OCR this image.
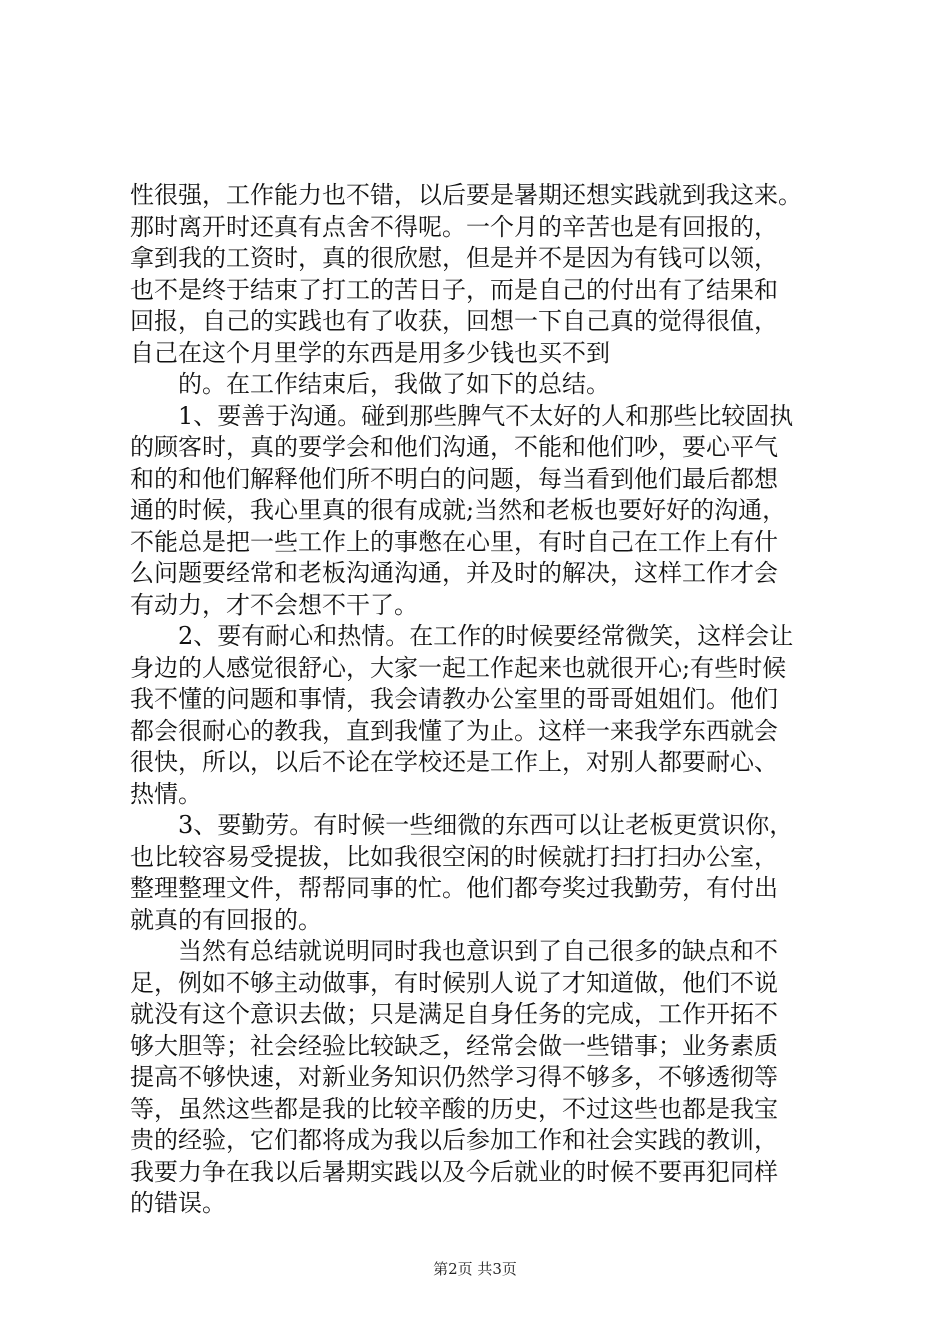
性很强，工作能力也不错，以后要是暑期还想实践就到我这来。
那时离开时还真有点舍不得呢。一个月的辛苦也是有回报的，
拿到我的工资时，真的很欣慰，但是并不是因为有钱可以领，
也不是终于结束了打工的苦日子，而是自己的付出有了结果和
回报，自己的实践也有了收获，回想一下自己真的觉得很值，
自己在这个月里学的东西是用多少钱也买不到
的。在工作结束后，我做了如下的总结。
1、要善于沟通。碰到那些脾气不太好的人和那些比较固执
的顾客时，真的要学会和他们沟通，不能和他们吵，要心平气
和的和他们解释他们所不明白的问题，每当看到他们最后都想
通的时候，我心里真的很有成就;当然和老板也要好好的沟通，
不能总是把一些工作上的事憋在心里，有时自己在工作上有什
么问题要经常和老板沟通沟通，并及时的解决，这样工作才会
有动力，才不会想不干了。
2、要有耐心和热情。在工作的时候要经常微笑，这样会让
身边的人感觉很舒心，大家一起工作起来也就很开心;有些时候
我不懂的问题和事情，我会请教办公室里的哥哥姐姐们。他们
都会很耐心的教我，直到我懂了为止。这样一来我学东西就会
很快，所以，以后不论在学校还是工作上，对别人都要耐心、
热情。
3、要勤劳。有时候一些细微的东西可以让老板更赏识你，
也比较容易受提拔，比如我很空闲的时候就打扫打扫办公室，
整理整理文件，帮帮同事的忙。他们都夸奖过我勤劳，有付出
就真的有回报的。
当然有总结就说明同时我也意识到了自己很多的缺点和不
足，例如不够主动做事，有时候别人说了才知道做，他们不说
就没有这个意识去做；只是满足自身任务的完成，工作开拓不
够大胆等；社会经验比较缺乏，经常会做一些错事；业务素质
提高不够快速，对新业务知识仍然学习得不够多，不够透彻等
等，虽然这些都是我的比较辛酸的历史，不过这些也都是我宝
贵的经验，它们都将成为我以后参加工作和社会实践的教训，
我要力争在我以后暑期实践以及今后就业的时候不要再犯同样
的错误。
第2页 共3页
